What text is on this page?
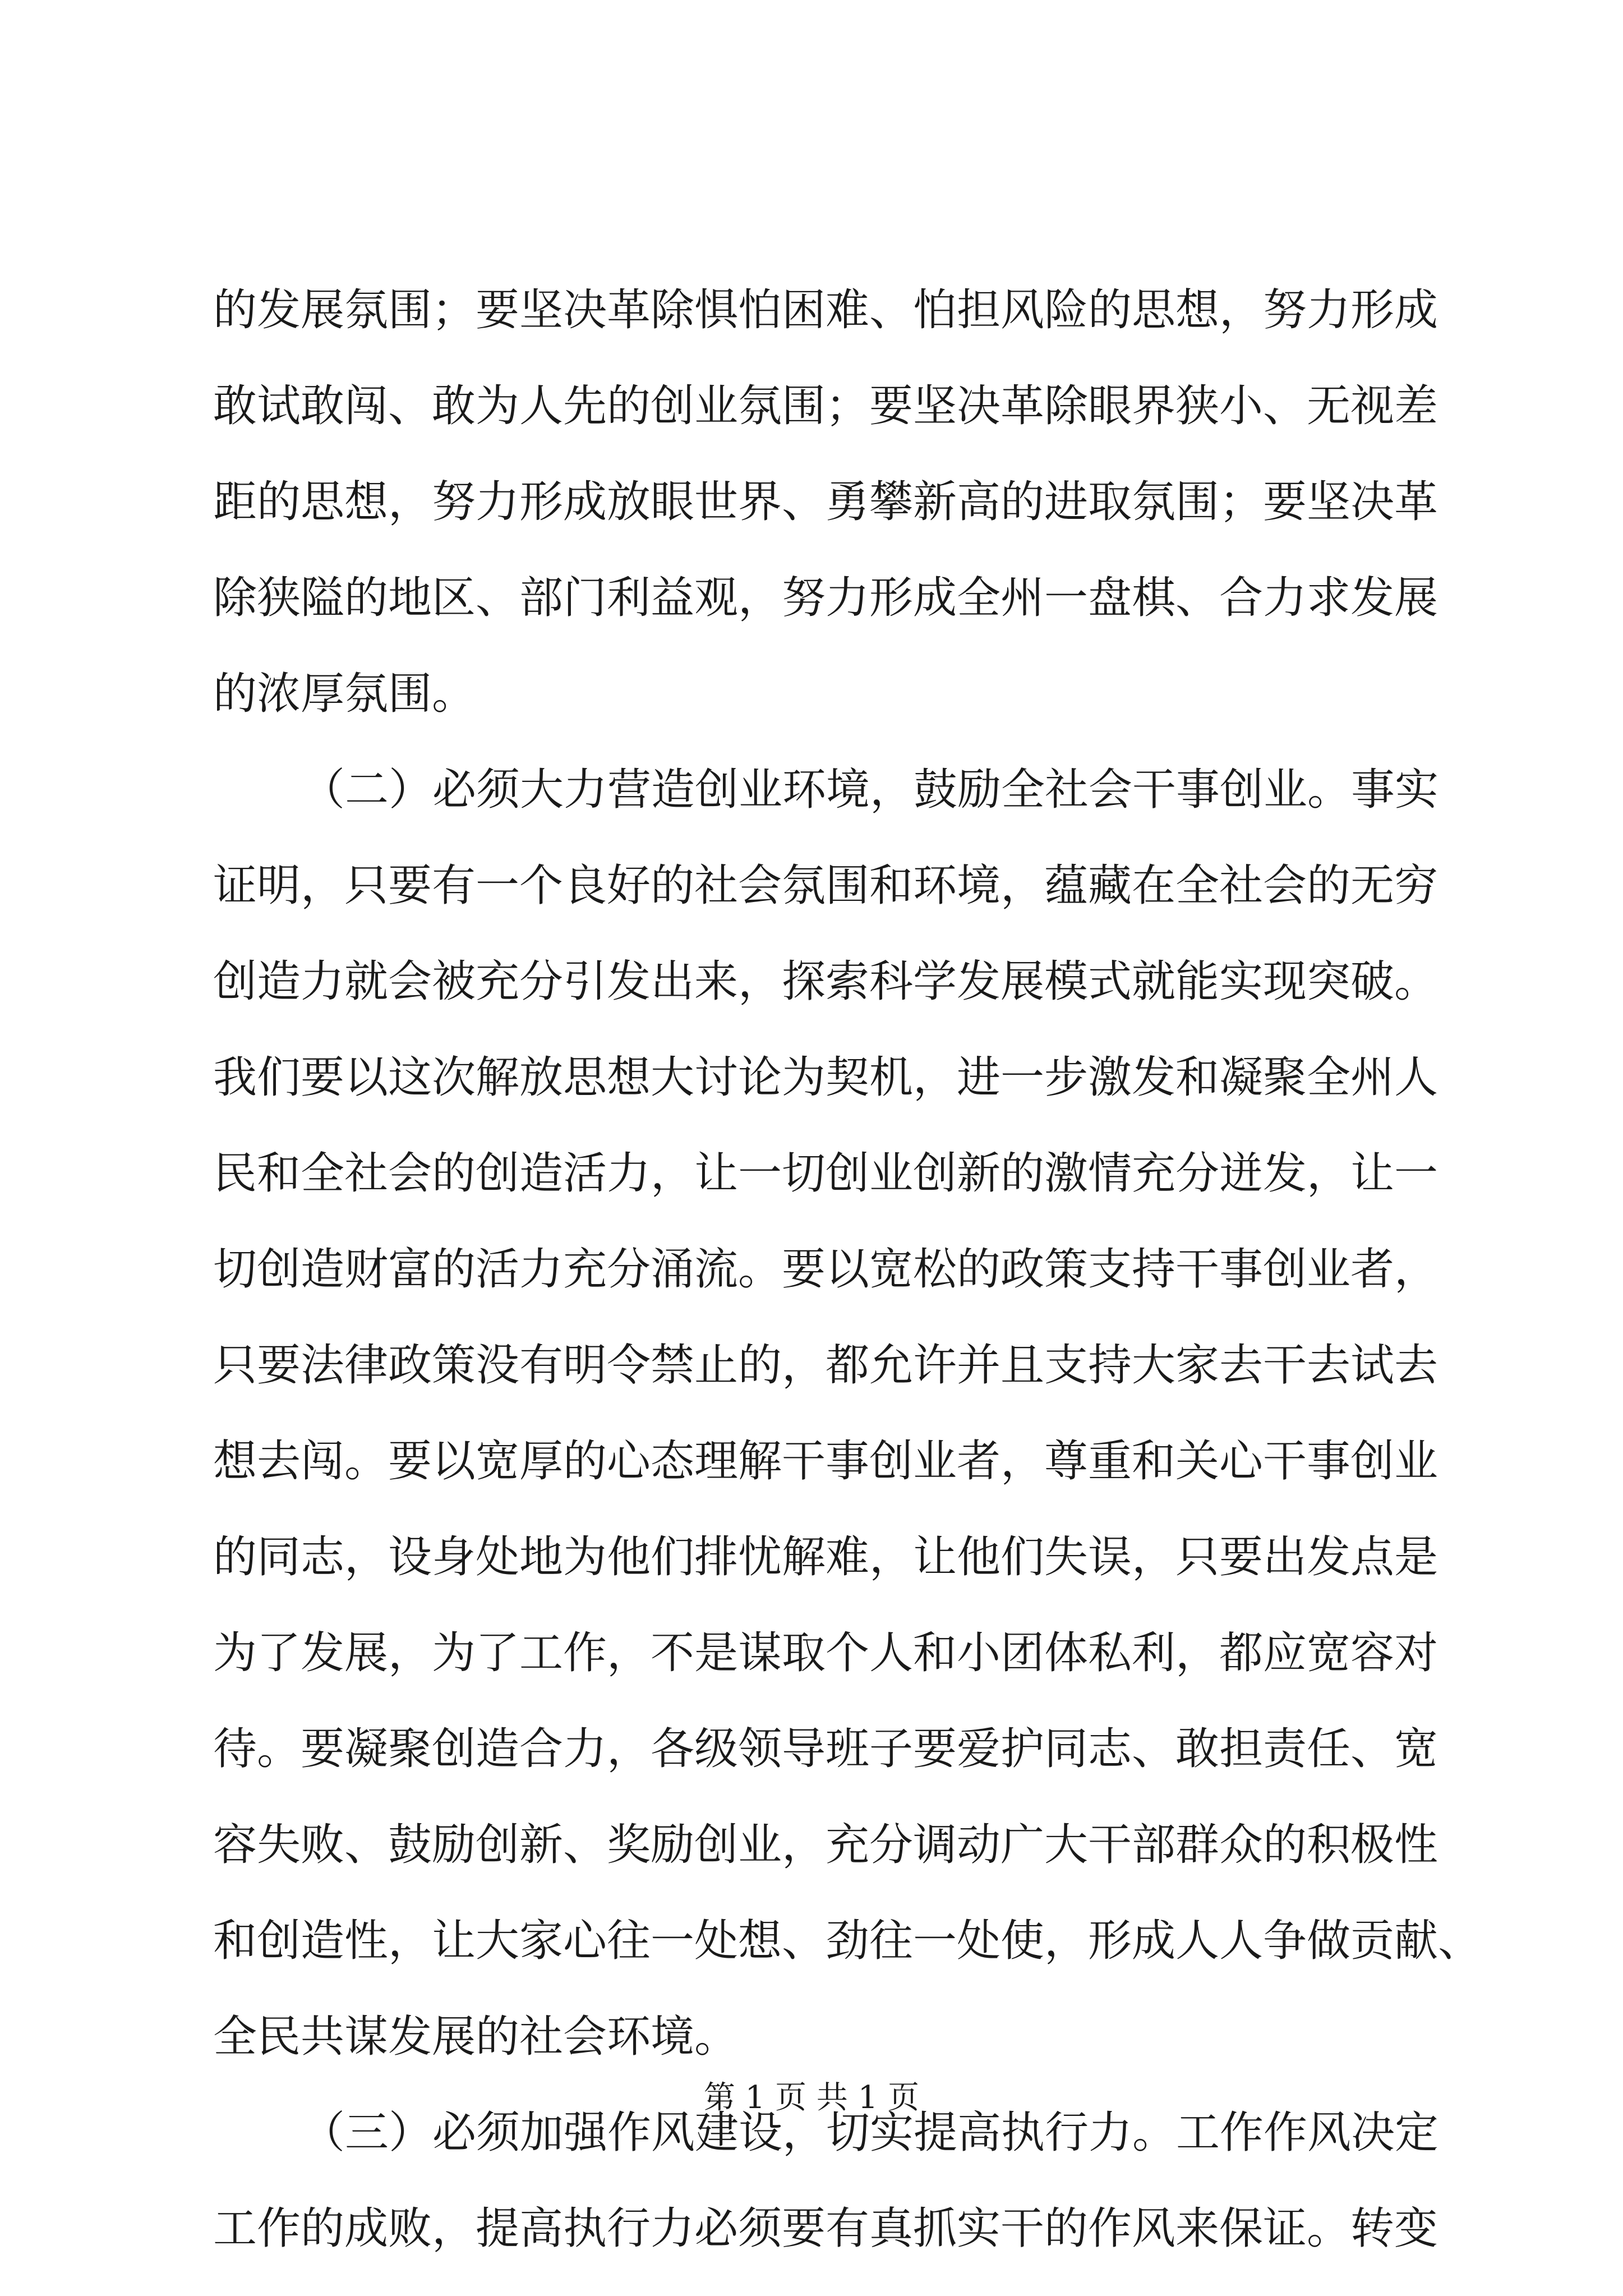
的发展氛围；要坚决革除惧怕困难、怕担风险的思想，努力形成
敢试敢闯、敢为人先的创业氛围；要坚决革除眼界狭小、无视差
距的思想，努力形成放眼世界、勇攀新高的进取氛围；要坚决革
除狭隘的地区、部门利益观，努力形成全州一盘棋、合力求发展
的浓厚氛围。
（二）必须大力营造创业环境，鼓励全社会干事创业。事实
证明，只要有一个良好的社会氛围和环境，蕴藏在全社会的无穷
创造力就会被充分引发出来，探索科学发展模式就能实现突破。
我们要以这次解放思想大讨论为契机，进一步激发和凝聚全州人
民和全社会的创造活力，让一切创业创新的激情充分迸发，让一
切创造财富的活力充分涌流。要以宽松的政策支持干事创业者，
只要法律政策没有明令禁止的，都允许并且支持大家去干去试去
想去闯。要以宽厚的心态理解干事创业者，尊重和关心干事创业
的同志，设身处地为他们排忧解难，让他们失误，只要出发点是
为了发展，为了工作，不是谋取个人和小团体私利，都应宽容对
待。要凝聚创造合力，各级领导班子要爱护同志、敢担责任、宽
容失败、鼓励创新、奖励创业，充分调动广大干部群众的积极性
和创造性，让大家心往一处想、劲往一处使，形成人人争做贡献、
全民共谋发展的社会环境。
（三）必须加强作风建设，切实提高执行力。工作作风决定
工作的成败，提高执行力必须要有真抓实干的作风来保证。转变
第 1 页 共 1 页
